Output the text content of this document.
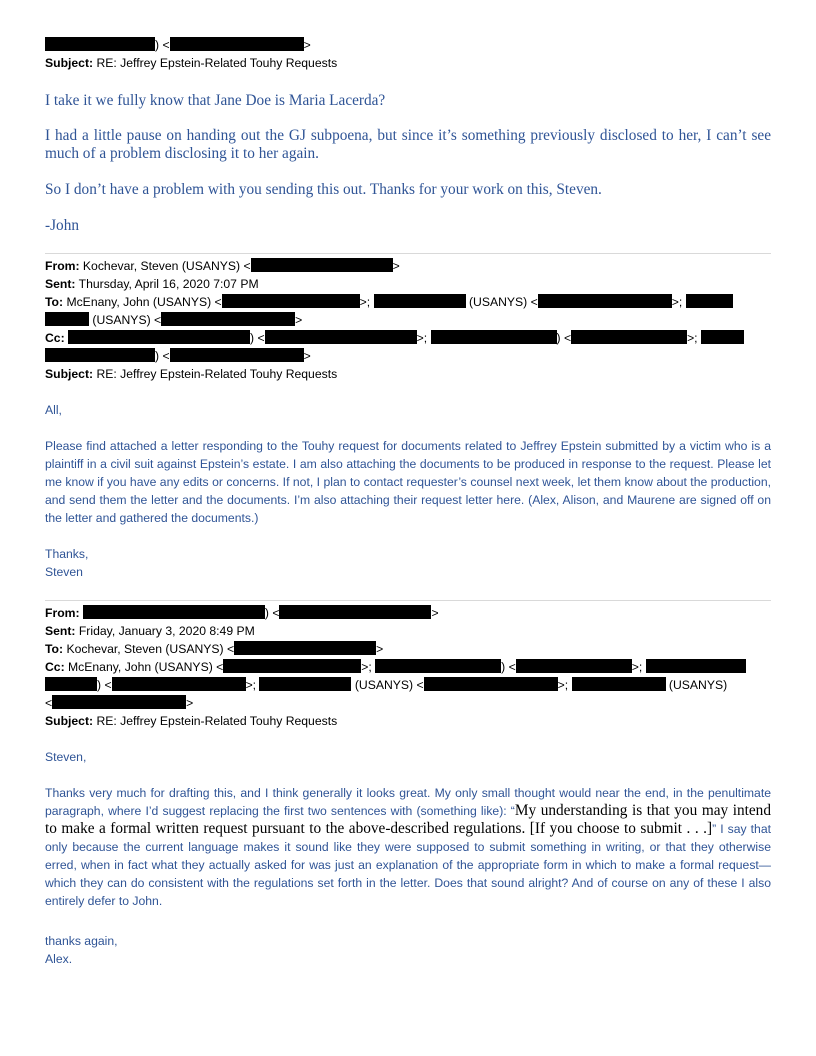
) <	>
Subject: RE: Jeffrey Epstein-Related Touhy Requests
I take it we fully know that Jane Doe is Maria Lacerda?
I had a little pause on handing out the GJ subpoena, but since it’s something previously disclosed to her, I can’t see much of a problem disclosing it to her again.
So I don’t have a problem with you sending this out. Thanks for your work on this, Steven.
-John
From: Kochevar, Steven (USANYS) <	>
Sent: Thursday, April 16, 2020 7:07 PM
To: McEnany, John (USANYS) <	>;	(USANYS) <	>;
(USANYS) <	>
Cc:	) <	>;	) <	>;
) <	>
Subject: RE: Jeffrey Epstein-Related Touhy Requests
All,
Please find attached a letter responding to the Touhy request for documents related to Jeffrey Epstein submitted by a victim who is a plaintiff in a civil suit against Epstein’s estate. I am also attaching the documents to be produced in response to the request. Please let me know if you have any edits or concerns. If not, I plan to contact requester’s counsel next week, let them know about the production, and send them the letter and the documents. I’m also attaching their request letter here. (Alex, Alison, and Maurene are signed off on the letter and gathered the documents.)
Thanks,
Steven
From:	) <	>
Sent: Friday, January 3, 2020 8:49 PM
To: Kochevar, Steven (USANYS) <	>
Cc: McEnany, John (USANYS) <	>;	) <	>;
) <	>;	(USANYS) <	>;	(USANYS)
<	>
Subject: RE: Jeffrey Epstein-Related Touhy Requests
Steven,
Thanks very much for drafting this, and I think generally it looks great. My only small thought would near the end, in the penultimate paragraph, where I’d suggest replacing the first two sentences with (something like): “My understanding is that you may intend to make a formal written request pursuant to the above-described regulations. [If you choose to submit . . .]” I say that only because the current language makes it sound like they were supposed to submit something in writing, or that they otherwise erred, when in fact what they actually asked for was just an explanation of the appropriate form in which to make a formal request—which they can do consistent with the regulations set forth in the letter. Does that sound alright? And of course on any of these I also entirely defer to John.
thanks again,
Alex.
